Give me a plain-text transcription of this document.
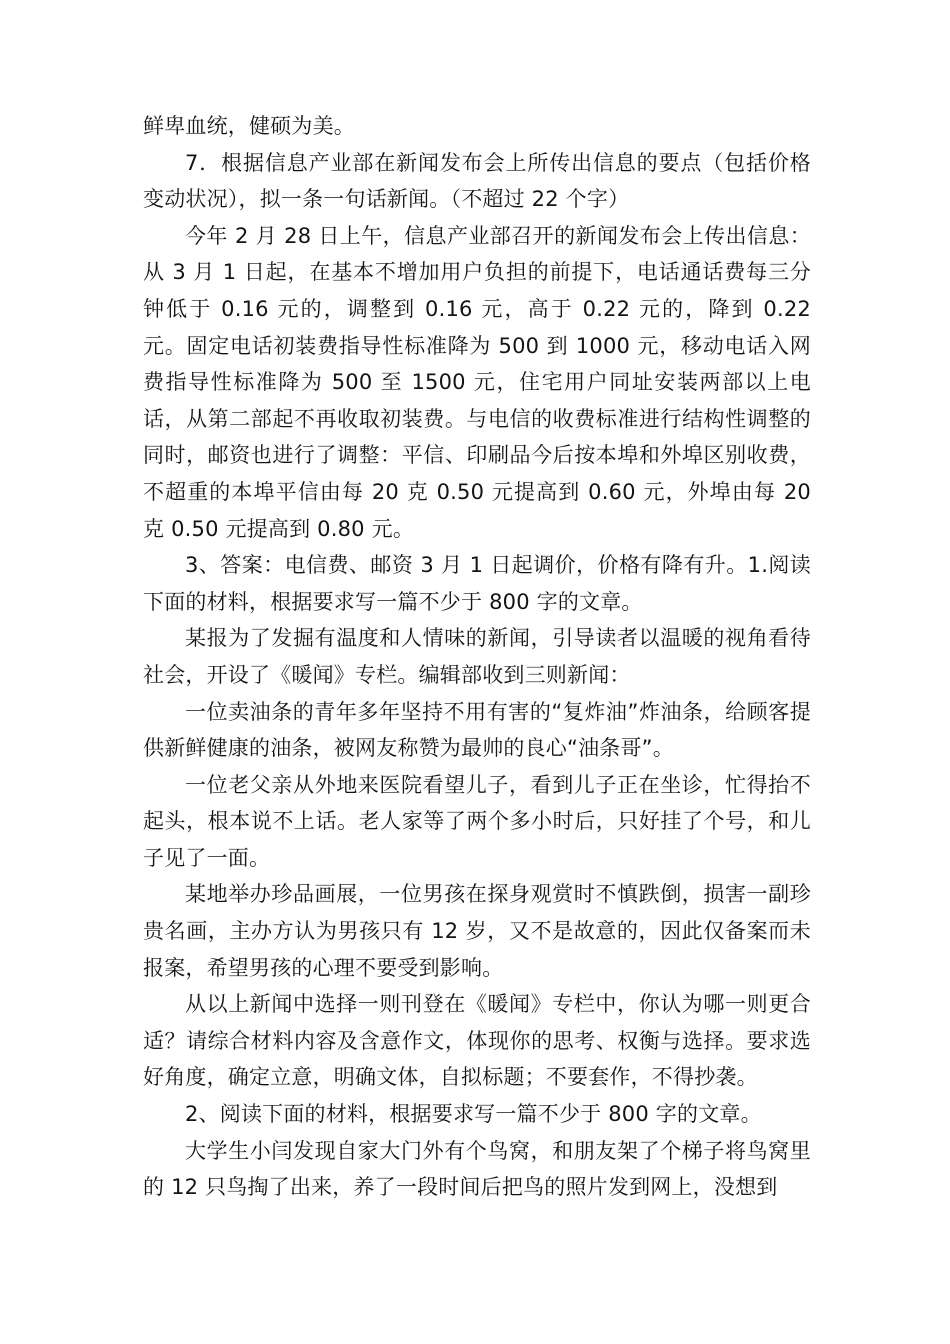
鲜卑血统，健硕为美。

7．根据信息产业部在新闻发布会上所传出信息的要点（包括价格变动状况），拟一条一句话新闻。（不超过 22 个字）

今年 2 月 28 日上午，信息产业部召开的新闻发布会上传出信息：从 3 月 1 日起，在基本不增加用户负担的前提下，电话通话费每三分钟低于 0.16 元的，调整到 0.16 元，高于 0.22 元的，降到 0.22 元。固定电话初装费指导性标准降为 500 到 1000 元，移动电话入网费指导性标准降为 500 至 1500 元，住宅用户同址安装两部以上电话，从第二部起不再收取初装费。与电信的收费标准进行结构性调整的同时，邮资也进行了调整：平信、印刷品今后按本埠和外埠区别收费，不超重的本埠平信由每 20 克 0.50 元提高到 0.60 元，外埠由每 20 克 0.50 元提高到 0.80 元。

3、答案：电信费、邮资 3 月 1 日起调价，价格有降有升。1.阅读下面的材料，根据要求写一篇不少于 800 字的文章。

某报为了发掘有温度和人情味的新闻，引导读者以温暖的视角看待社会，开设了《暖闻》专栏。编辑部收到三则新闻：

一位卖油条的青年多年坚持不用有害的“复炸油”炸油条，给顾客提供新鲜健康的油条，被网友称赞为最帅的良心“油条哥”。

一位老父亲从外地来医院看望儿子，看到儿子正在坐诊，忙得抬不起头，根本说不上话。老人家等了两个多小时后，只好挂了个号，和儿子见了一面。

某地举办珍品画展，一位男孩在探身观赏时不慎跌倒，损害一副珍贵名画，主办方认为男孩只有 12 岁，又不是故意的，因此仅备案而未报案，希望男孩的心理不要受到影响。

从以上新闻中选择一则刊登在《暖闻》专栏中，你认为哪一则更合适？请综合材料内容及含意作文，体现你的思考、权衡与选择。要求选好角度，确定立意，明确文体，自拟标题；不要套作，不得抄袭。

2、阅读下面的材料，根据要求写一篇不少于 800 字的文章。

大学生小闫发现自家大门外有个鸟窝，和朋友架了个梯子将鸟窝里的 12 只鸟掏了出来，养了一段时间后把鸟的照片发到网上，没想到
